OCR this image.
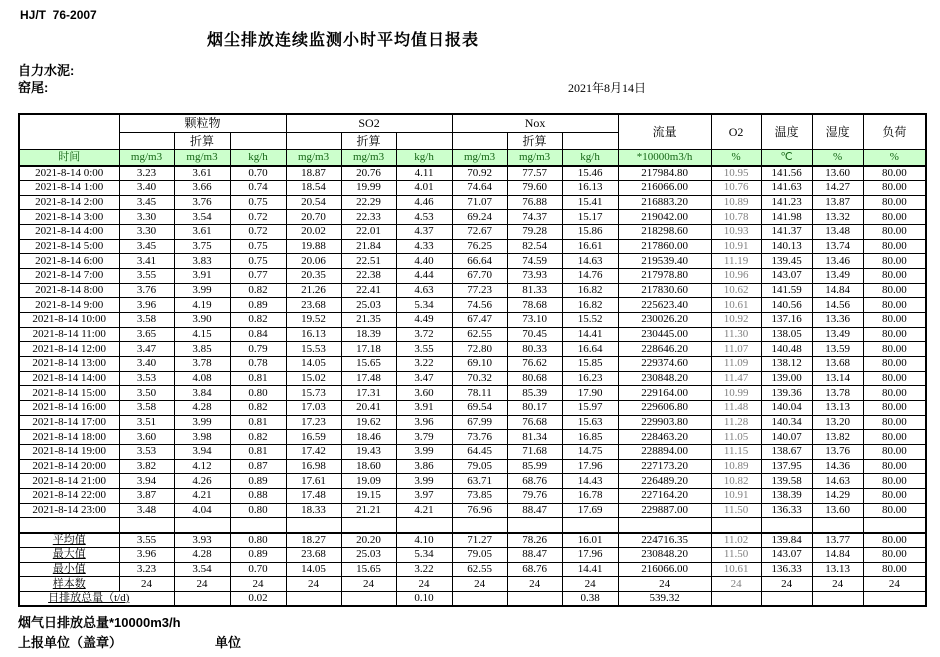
HJ/T  76-2007
烟尘排放连续监测小时平均值日报表
自力水泥:
窑尾:	2021年8月14日
	颗粒物			SO2			Nox			流量	O2	温度	湿度	负荷
		折算			折算			折算						
时间	mg/m3	mg/m3	kg/h	mg/m3	mg/m3	kg/h	mg/m3	mg/m3	kg/h	*10000m3/h	%	℃	%	%
2021-8-14 0:00	3.23	3.61	0.70	18.87	20.76	4.11	70.92	77.57	15.46	217984.80	10.95	141.56	13.60	80.00
2021-8-14 1:00	3.40	3.66	0.74	18.54	19.99	4.01	74.64	79.60	16.13	216066.00	10.76	141.63	14.27	80.00
2021-8-14 2:00	3.45	3.76	0.75	20.54	22.29	4.46	71.07	76.88	15.41	216883.20	10.89	141.23	13.87	80.00
2021-8-14 3:00	3.30	3.54	0.72	20.70	22.33	4.53	69.24	74.37	15.17	219042.00	10.78	141.98	13.32	80.00
2021-8-14 4:00	3.30	3.61	0.72	20.02	22.01	4.37	72.67	79.28	15.86	218298.60	10.93	141.37	13.48	80.00
2021-8-14 5:00	3.45	3.75	0.75	19.88	21.84	4.33	76.25	82.54	16.61	217860.00	10.91	140.13	13.74	80.00
2021-8-14 6:00	3.41	3.83	0.75	20.06	22.51	4.40	66.64	74.59	14.63	219539.40	11.19	139.45	13.46	80.00
2021-8-14 7:00	3.55	3.91	0.77	20.35	22.38	4.44	67.70	73.93	14.76	217978.80	10.96	143.07	13.49	80.00
2021-8-14 8:00	3.76	3.99	0.82	21.26	22.41	4.63	77.23	81.33	16.82	217830.60	10.62	141.59	14.84	80.00
2021-8-14 9:00	3.96	4.19	0.89	23.68	25.03	5.34	74.56	78.68	16.82	225623.40	10.61	140.56	14.56	80.00
2021-8-14 10:00	3.58	3.90	0.82	19.52	21.35	4.49	67.47	73.10	15.52	230026.20	10.92	137.16	13.36	80.00
2021-8-14 11:00	3.65	4.15	0.84	16.13	18.39	3.72	62.55	70.45	14.41	230445.00	11.30	138.05	13.49	80.00
2021-8-14 12:00	3.47	3.85	0.79	15.53	17.18	3.55	72.80	80.33	16.64	228646.20	11.07	140.48	13.59	80.00
2021-8-14 13:00	3.40	3.78	0.78	14.05	15.65	3.22	69.10	76.62	15.85	229374.60	11.09	138.12	13.68	80.00
2021-8-14 14:00	3.53	4.08	0.81	15.02	17.48	3.47	70.32	80.68	16.23	230848.20	11.47	139.00	13.14	80.00
2021-8-14 15:00	3.50	3.84	0.80	15.73	17.31	3.60	78.11	85.39	17.90	229164.00	10.99	139.36	13.78	80.00
2021-8-14 16:00	3.58	4.28	0.82	17.03	20.41	3.91	69.54	80.17	15.97	229606.80	11.48	140.04	13.13	80.00
2021-8-14 17:00	3.51	3.99	0.81	17.23	19.62	3.96	67.99	76.68	15.63	229903.80	11.28	140.34	13.20	80.00
2021-8-14 18:00	3.60	3.98	0.82	16.59	18.46	3.79	73.76	81.34	16.85	228463.20	11.05	140.07	13.82	80.00
2021-8-14 19:00	3.53	3.94	0.81	17.42	19.43	3.99	64.45	71.68	14.75	228894.00	11.15	138.67	13.76	80.00
2021-8-14 20:00	3.82	4.12	0.87	16.98	18.60	3.86	79.05	85.99	17.96	227173.20	10.89	137.95	14.36	80.00
2021-8-14 21:00	3.94	4.26	0.89	17.61	19.09	3.99	63.71	68.76	14.43	226489.20	10.82	139.58	14.63	80.00
2021-8-14 22:00	3.87	4.21	0.88	17.48	19.15	3.97	73.85	79.76	16.78	227164.20	10.91	138.39	14.29	80.00
2021-8-14 23:00	3.48	4.04	0.80	18.33	21.21	4.21	76.96	88.47	17.69	229887.00	11.50	136.33	13.60	80.00

平均值	3.55	3.93	0.80	18.27	20.20	4.10	71.27	78.26	16.01	224716.35	11.02	139.84	13.77	80.00
最大值	3.96	4.28	0.89	23.68	25.03	5.34	79.05	88.47	17.96	230848.20	11.50	143.07	14.84	80.00
最小值	3.23	3.54	0.70	14.05	15.65	3.22	62.55	68.76	14.41	216066.00	10.61	136.33	13.13	80.00
样本数	24	24	24	24	24	24	24	24	24	24	24	24	24	24
日排放总量（t/d)			0.02			0.10			0.38	539.32				
烟气日排放总量*10000m3/h
上报单位（盖章）	单位
